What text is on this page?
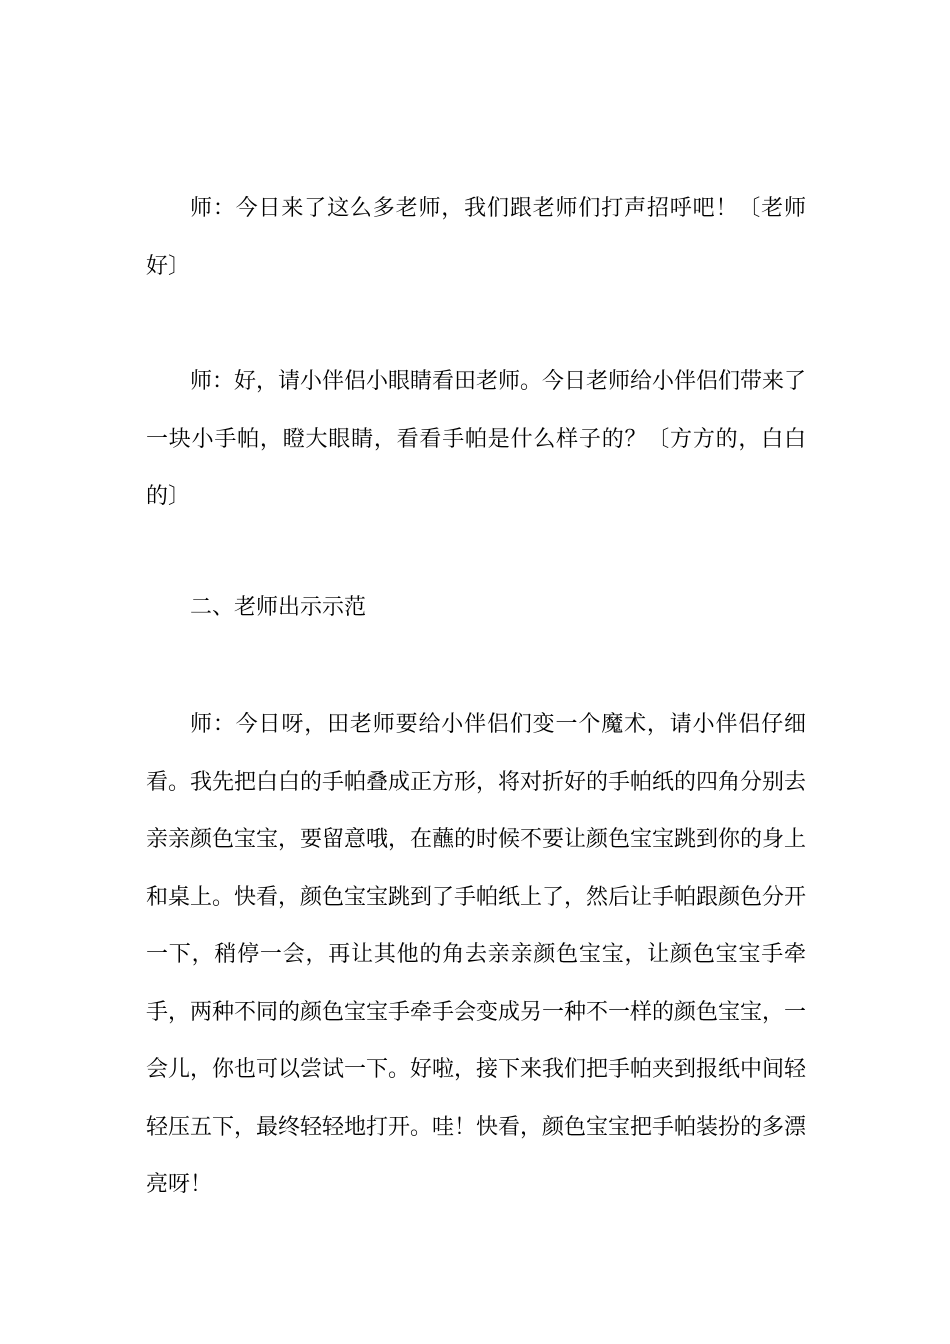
师：今日来了这么多老师，我们跟老师们打声招呼吧！〔老师好〕

师：好，请小伴侣小眼睛看田老师。今日老师给小伴侣们带来了一块小手帕，瞪大眼睛，看看手帕是什么样子的？〔方方的，白白的〕

二、老师出示示范

师：今日呀，田老师要给小伴侣们变一个魔术，请小伴侣仔细看。我先把白白的手帕叠成正方形，将对折好的手帕纸的四角分别去亲亲颜色宝宝，要留意哦，在蘸的时候不要让颜色宝宝跳到你的身上和桌上。快看，颜色宝宝跳到了手帕纸上了，然后让手帕跟颜色分开一下，稍停一会，再让其他的角去亲亲颜色宝宝，让颜色宝宝手牵手，两种不同的颜色宝宝手牵手会变成另一种不一样的颜色宝宝，一会儿，你也可以尝试一下。好啦，接下来我们把手帕夹到报纸中间轻轻压五下，最终轻轻地打开。哇！快看，颜色宝宝把手帕装扮的多漂亮呀！
